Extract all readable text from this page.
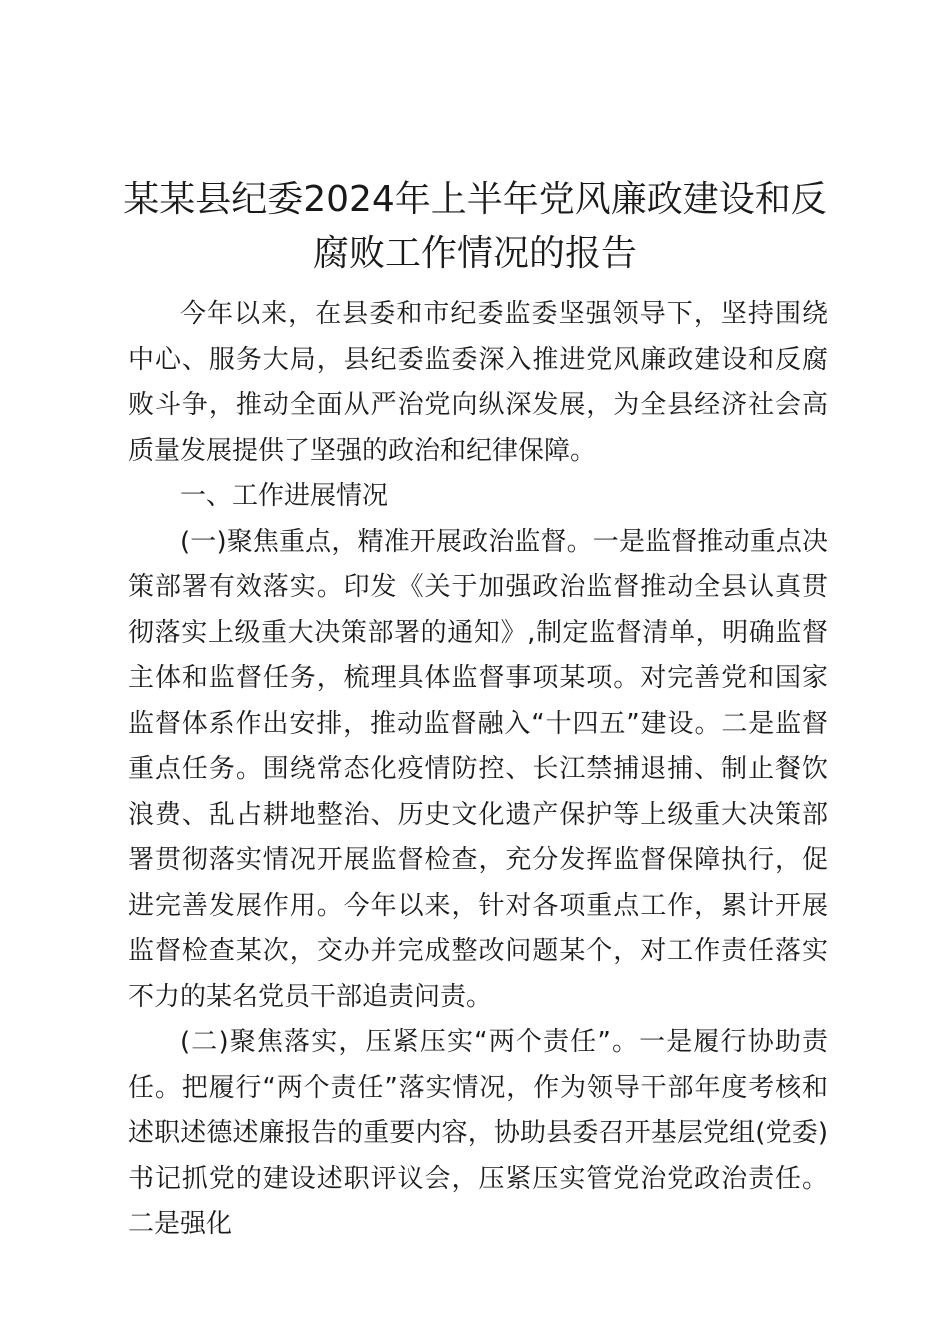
某某县纪委2024年上半年党风廉政建设和反
腐败工作情况的报告

今年以来，在县委和市纪委监委坚强领导下，坚持围绕中心、服务大局，县纪委监委深入推进党风廉政建设和反腐败斗争，推动全面从严治党向纵深发展，为全县经济社会高质量发展提供了坚强的政治和纪律保障。

一、工作进展情况

(一)聚焦重点，精准开展政治监督。一是监督推动重点决策部署有效落实。印发《关于加强政治监督推动全县认真贯彻落实上级重大决策部署的通知》,制定监督清单，明确监督主体和监督任务，梳理具体监督事项某项。对完善党和国家监督体系作出安排，推动监督融入“十四五”建设。二是监督重点任务。围绕常态化疫情防控、长江禁捕退捕、制止餐饮浪费、乱占耕地整治、历史文化遗产保护等上级重大决策部署贯彻落实情况开展监督检查，充分发挥监督保障执行，促进完善发展作用。今年以来，针对各项重点工作，累计开展监督检查某次，交办并完成整改问题某个，对工作责任落实不力的某名党员干部追责问责。

(二)聚焦落实，压紧压实“两个责任”。一是履行协助责任。把履行“两个责任”落实情况，作为领导干部年度考核和述职述德述廉报告的重要内容，协助县委召开基层党组(党委)书记抓党的建设述职评议会，压紧压实管党治党政治责任。二是强化
